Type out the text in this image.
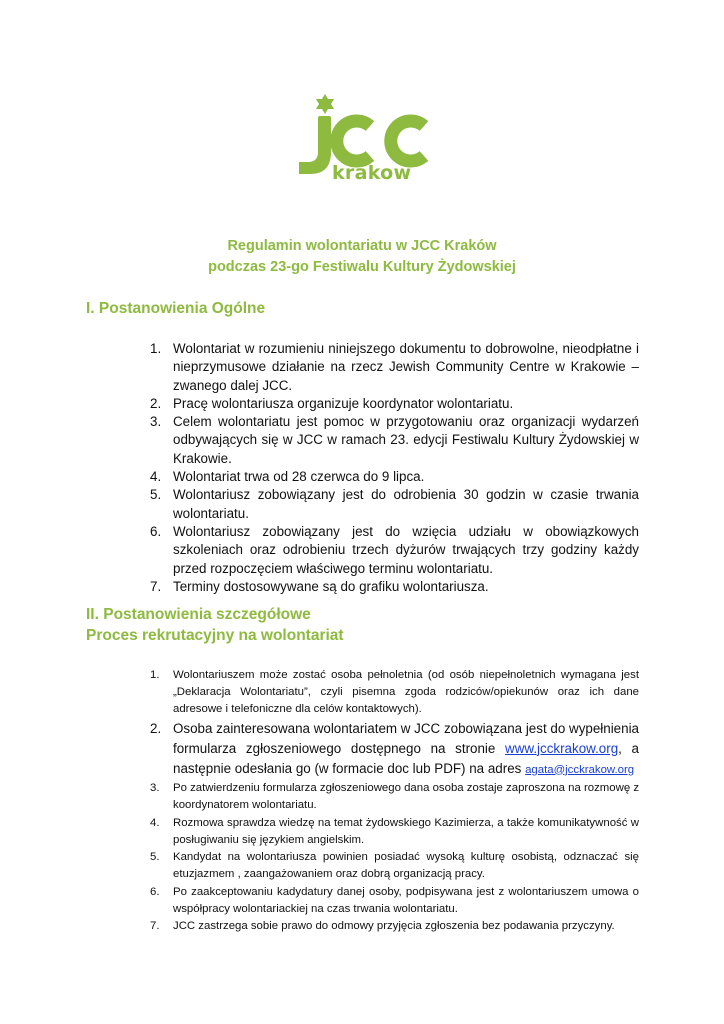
krakow
Regulamin wolontariatu w JCC Kraków
podczas 23-go Festiwalu Kultury Żydowskiej
I. Postanowienia Ogólne
1. Wolontariat w rozumieniu niniejszego dokumentu to dobrowolne, nieodpłatne i nieprzymusowe działanie na rzecz Jewish Community Centre w Krakowie – zwanego dalej JCC.
2. Pracę wolontariusza organizuje koordynator wolontariatu.
3. Celem wolontariatu jest pomoc w przygotowaniu oraz organizacji wydarzeń odbywających się w JCC w ramach 23. edycji Festiwalu Kultury Żydowskiej w Krakowie.
4. Wolontariat trwa od 28 czerwca do 9 lipca.
5. Wolontariusz zobowiązany jest do odrobienia 30 godzin w czasie trwania wolontariatu.
6. Wolontariusz zobowiązany jest do wzięcia udziału w obowiązkowych szkoleniach oraz odrobieniu trzech dyżurów trwających trzy godziny każdy przed rozpoczęciem właściwego terminu wolontariatu.
7. Terminy dostosowywane są do grafiku wolontariusza.
II. Postanowienia szczegółowe
Proces rekrutacyjny na wolontariat
1. Wolontariuszem może zostać osoba pełnoletnia (od osób niepełnoletnich wymagana jest „Deklaracja Wolontariatu”, czyli pisemna zgoda rodziców/opiekunów oraz ich dane adresowe i telefoniczne dla celów kontaktowych).
2. Osoba zainteresowana wolontariatem w JCC zobowiązana jest do wypełnienia formularza zgłoszeniowego dostępnego na stronie www.jcckrakow.org, a następnie odesłania go (w formacie doc lub PDF) na adres agata@jcckrakow.org
3. Po zatwierdzeniu formularza zgłoszeniowego dana osoba zostaje zaproszona na rozmowę z koordynatorem wolontariatu.
4. Rozmowa sprawdza wiedzę na temat żydowskiego Kazimierza, a także komunikatywność w posługiwaniu się językiem angielskim.
5. Kandydat na wolontariusza powinien posiadać wysoką kulturę osobistą, odznaczać się etuzjazmem , zaangażowaniem oraz dobrą organizacją pracy.
6. Po zaakceptowaniu kadydatury danej osoby, podpisywana jest z wolontariuszem umowa o współpracy wolontariackiej na czas trwania wolontariatu.
7. JCC zastrzega sobie prawo do odmowy przyjęcia zgłoszenia bez podawania przyczyny.
